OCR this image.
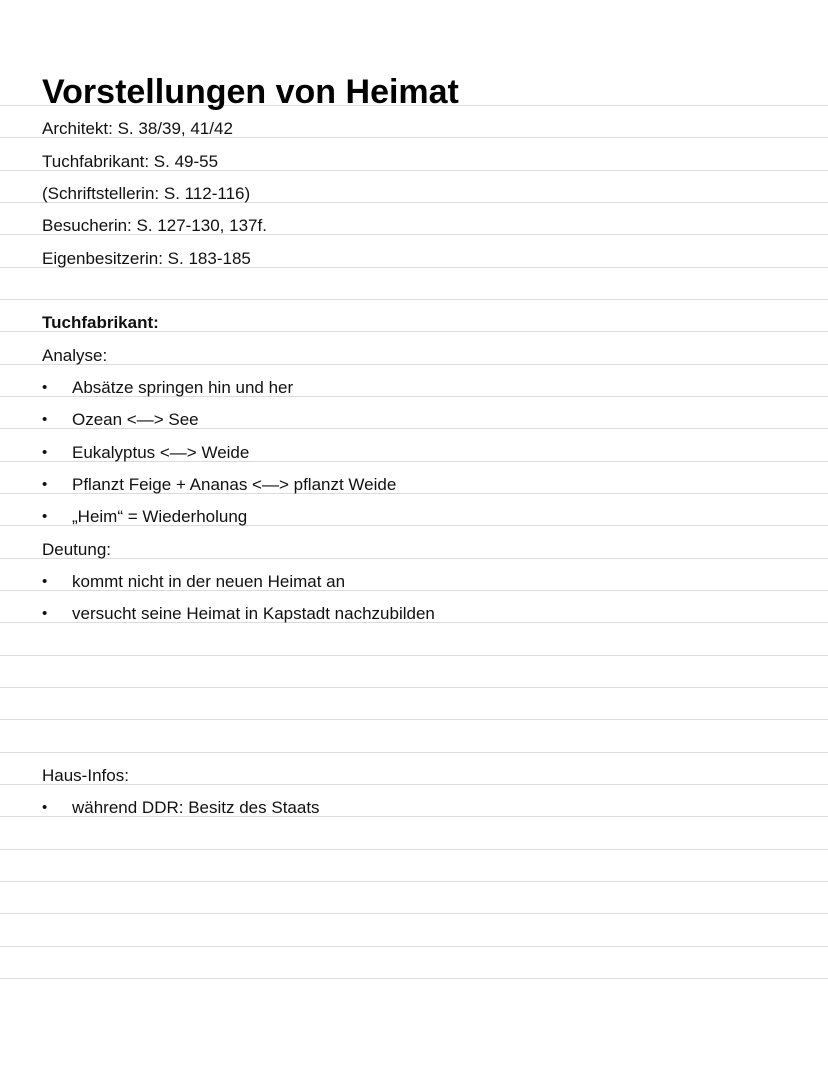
Vorstellungen von Heimat
Architekt: S. 38/39, 41/42
Tuchfabrikant: S. 49-55
(Schriftstellerin: S. 112-116)
Besucherin: S. 127-130, 137f.
Eigenbesitzerin: S. 183-185
Tuchfabrikant:
Analyse:
• Absätze springen hin und her
• Ozean <—> See
• Eukalyptus <—> Weide
• Pflanzt Feige + Ananas <—> pflanzt Weide
• „Heim“ = Wiederholung
Deutung:
• kommt nicht in der neuen Heimat an
• versucht seine Heimat in Kapstadt nachzubilden
Haus-Infos:
• während DDR: Besitz des Staats
